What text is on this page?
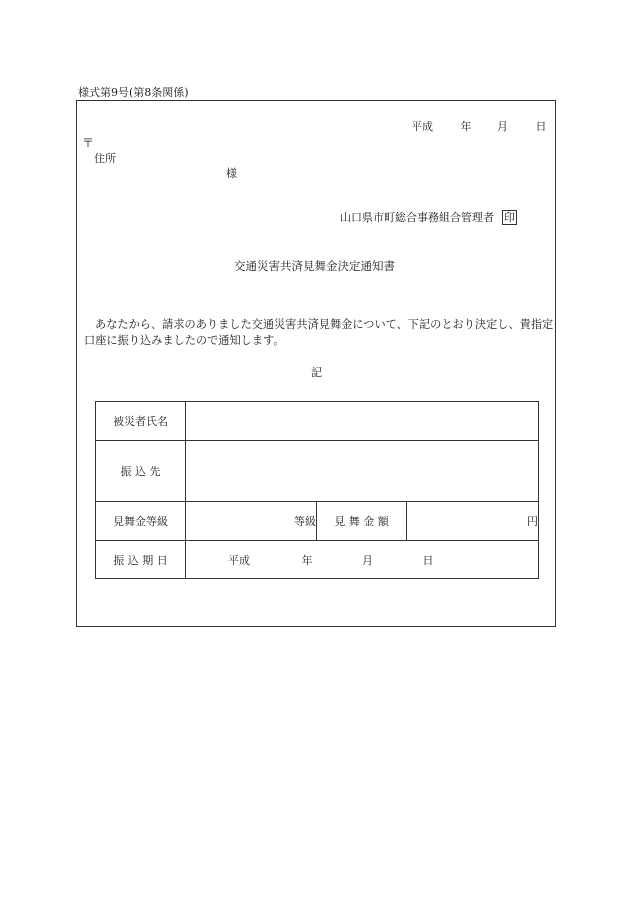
様式第9号(第8条関係)
平成	年 月	日
〒
住所
様
山口県市町総合事務組合管理者 印
交通災害共済見舞金決定通知書
あなたから、請求のありました交通災害共済見舞金について、下記のとおり決定し、貴指定口座に振り込みましたので通知します。
記
被災者氏名			
振 込 先			
見舞金等級	等級	見 舞 金 額	円
振 込 期 日	平成 年 月 日		
